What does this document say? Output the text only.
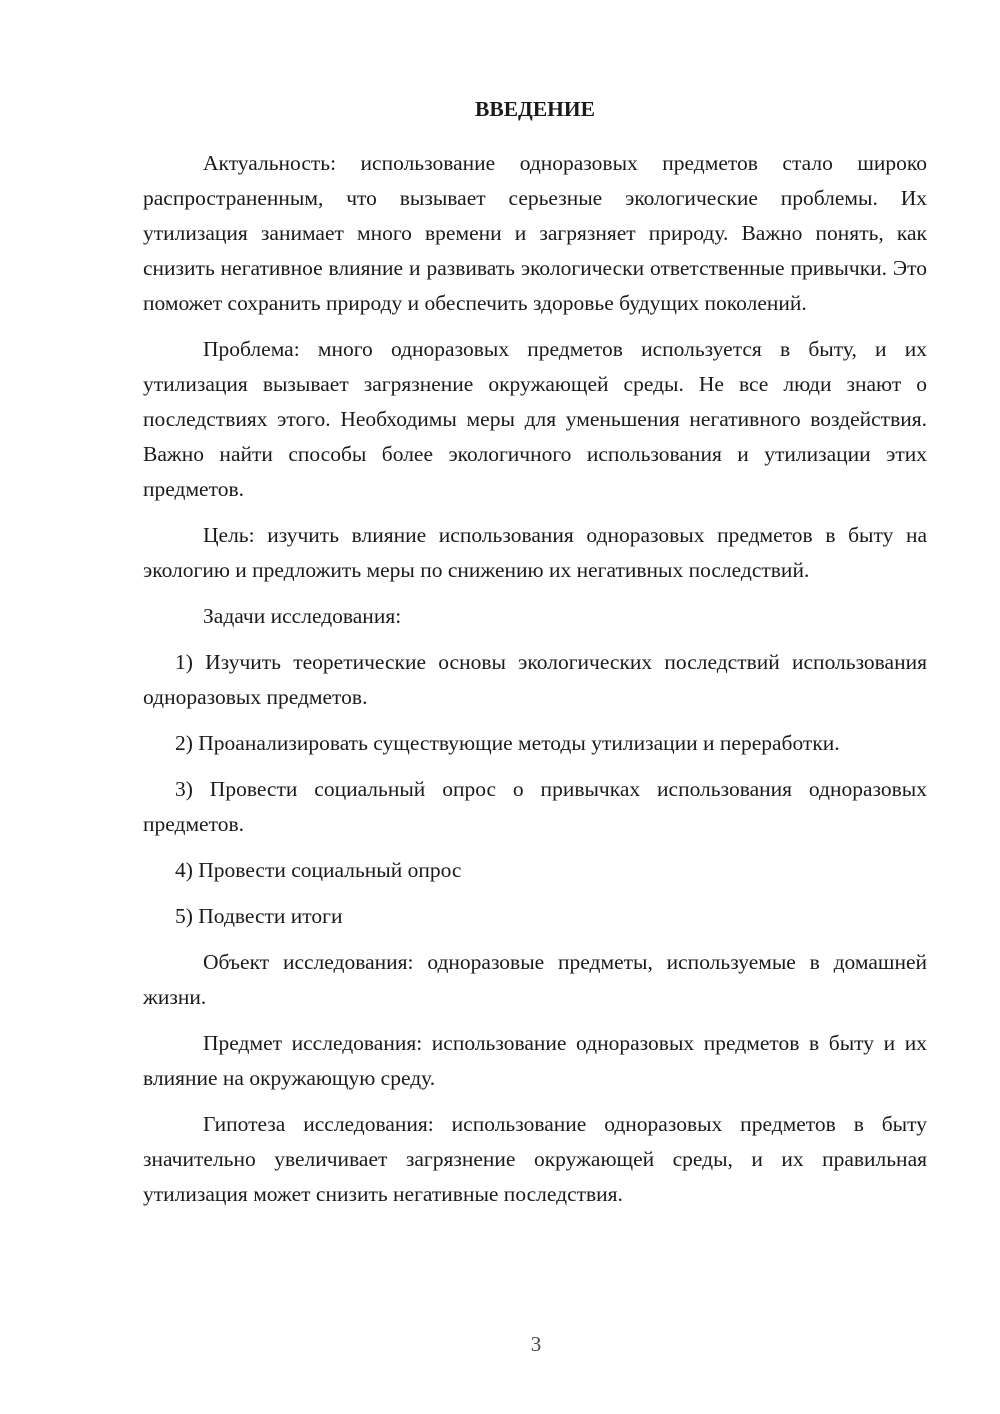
ВВЕДЕНИЕ

Актуальность: использование одноразовых предметов стало широко распространенным, что вызывает серьезные экологические проблемы. Их утилизация занимает много времени и загрязняет природу. Важно понять, как снизить негативное влияние и развивать экологически ответственные привычки. Это поможет сохранить природу и обеспечить здоровье будущих поколений.

Проблема: много одноразовых предметов используется в быту, и их утилизация вызывает загрязнение окружающей среды. Не все люди знают о последствиях этого. Необходимы меры для уменьшения негативного воздействия. Важно найти способы более экологичного использования и утилизации этих предметов.

Цель: изучить влияние использования одноразовых предметов в быту на экологию и предложить меры по снижению их негативных последствий.

Задачи исследования:

1) Изучить теоретические основы экологических последствий использования одноразовых предметов.

2) Проанализировать существующие методы утилизации и переработки.

3) Провести социальный опрос о привычках использования одноразовых предметов.

4) Провести социальный опрос

5) Подвести итоги

Объект исследования: одноразовые предметы, используемые в домашней жизни.

Предмет исследования: использование одноразовых предметов в быту и их влияние на окружающую среду.

Гипотеза исследования: использование одноразовых предметов в быту значительно увеличивает загрязнение окружающей среды, и их правильная утилизация может снизить негативные последствия.

3
